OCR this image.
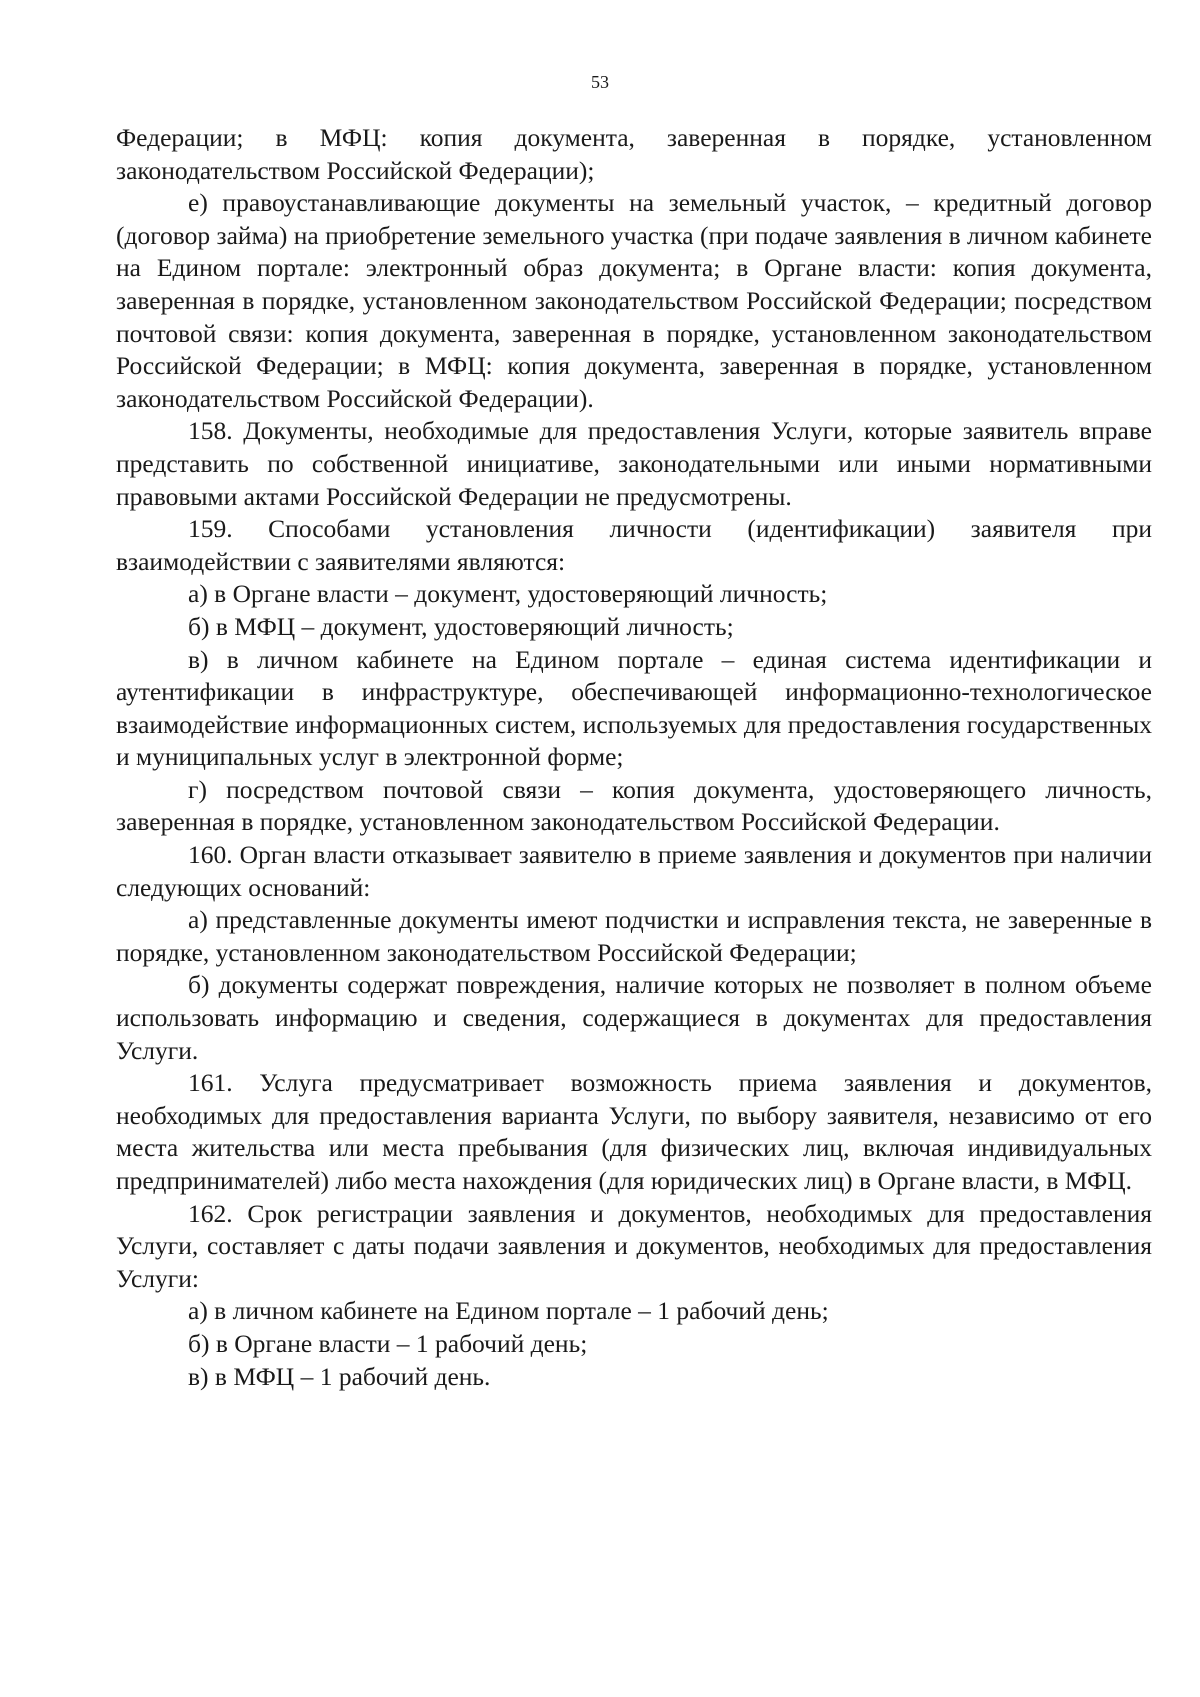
53

Федерации; в МФЦ: копия документа, заверенная в порядке, установленном законодательством Российской Федерации);

е) правоустанавливающие документы на земельный участок, – кредитный договор (договор займа) на приобретение земельного участка (при подаче заявления в личном кабинете на Едином портале: электронный образ документа; в Органе власти: копия документа, заверенная в порядке, установленном законодательством Российской Федерации; посредством почтовой связи: копия документа, заверенная в порядке, установленном законодательством Российской Федерации; в МФЦ: копия документа, заверенная в порядке, установленном законодательством Российской Федерации).

158. Документы, необходимые для предоставления Услуги, которые заявитель вправе представить по собственной инициативе, законодательными или иными нормативными правовыми актами Российской Федерации не предусмотрены.

159. Способами установления личности (идентификации) заявителя при взаимодействии с заявителями являются:

а) в Органе власти – документ, удостоверяющий личность;

б) в МФЦ – документ, удостоверяющий личность;

в) в личном кабинете на Едином портале – единая система идентификации и аутентификации в инфраструктуре, обеспечивающей информационно-технологическое взаимодействие информационных систем, используемых для предоставления государственных и муниципальных услуг в электронной форме;

г) посредством почтовой связи – копия документа, удостоверяющего личность, заверенная в порядке, установленном законодательством Российской Федерации.

160. Орган власти отказывает заявителю в приеме заявления и документов при наличии следующих оснований:

а) представленные документы имеют подчистки и исправления текста, не заверенные в порядке, установленном законодательством Российской Федерации;

б) документы содержат повреждения, наличие которых не позволяет в полном объеме использовать информацию и сведения, содержащиеся в документах для предоставления Услуги.

161. Услуга предусматривает возможность приема заявления и документов, необходимых для предоставления варианта Услуги, по выбору заявителя, независимо от его места жительства или места пребывания (для физических лиц, включая индивидуальных предпринимателей) либо места нахождения (для юридических лиц) в Органе власти, в МФЦ.

162. Срок регистрации заявления и документов, необходимых для предоставления Услуги, составляет с даты подачи заявления и документов, необходимых для предоставления Услуги:

а) в личном кабинете на Едином портале – 1 рабочий день;

б) в Органе власти – 1 рабочий день;

в) в МФЦ – 1 рабочий день.
